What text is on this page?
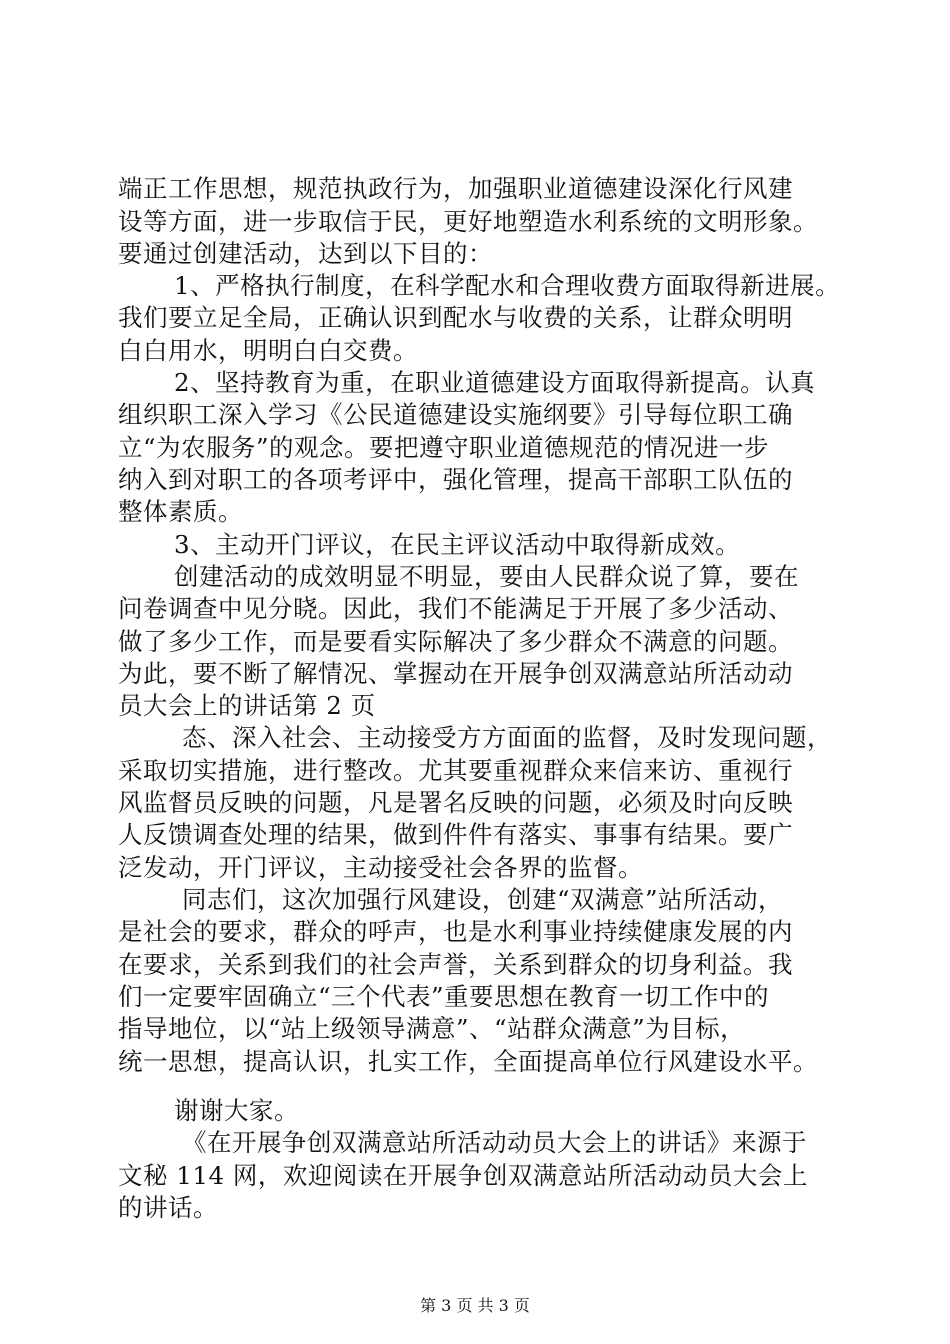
端正工作思想，规范执政行为，加强职业道德建设深化行风建
设等方面，进一步取信于民，更好地塑造水利系统的文明形象。
要通过创建活动，达到以下目的：
1、严格执行制度，在科学配水和合理收费方面取得新进展。
我们要立足全局，正确认识到配水与收费的关系，让群众明明
白白用水，明明白白交费。
2、坚持教育为重，在职业道德建设方面取得新提高。认真
组织职工深入学习《公民道德建设实施纲要》引导每位职工确
立“为农服务”的观念。要把遵守职业道德规范的情况进一步
纳入到对职工的各项考评中，强化管理，提高干部职工队伍的
整体素质。
3、主动开门评议，在民主评议活动中取得新成效。
创建活动的成效明显不明显，要由人民群众说了算，要在
问卷调查中见分晓。因此，我们不能满足于开展了多少活动、
做了多少工作，而是要看实际解决了多少群众不满意的问题。
为此，要不断了解情况、掌握动在开展争创双满意站所活动动
员大会上的讲话第 2 页
态、深入社会、主动接受方方面面的监督，及时发现问题，
采取切实措施，进行整改。尤其要重视群众来信来访、重视行
风监督员反映的问题，凡是署名反映的问题，必须及时向反映
人反馈调查处理的结果，做到件件有落实、事事有结果。要广
泛发动，开门评议，主动接受社会各界的监督。
同志们，这次加强行风建设，创建“双满意”站所活动，
是社会的要求，群众的呼声，也是水利事业持续健康发展的内
在要求，关系到我们的社会声誉，关系到群众的切身利益。我
们一定要牢固确立“三个代表”重要思想在教育一切工作中的
指导地位，以“站上级领导满意”、“站群众满意”为目标，
统一思想，提高认识，扎实工作，全面提高单位行风建设水平。
谢谢大家。
《在开展争创双满意站所活动动员大会上的讲话》来源于
文秘 114 网，欢迎阅读在开展争创双满意站所活动动员大会上
的讲话。
第 3 页 共 3 页
